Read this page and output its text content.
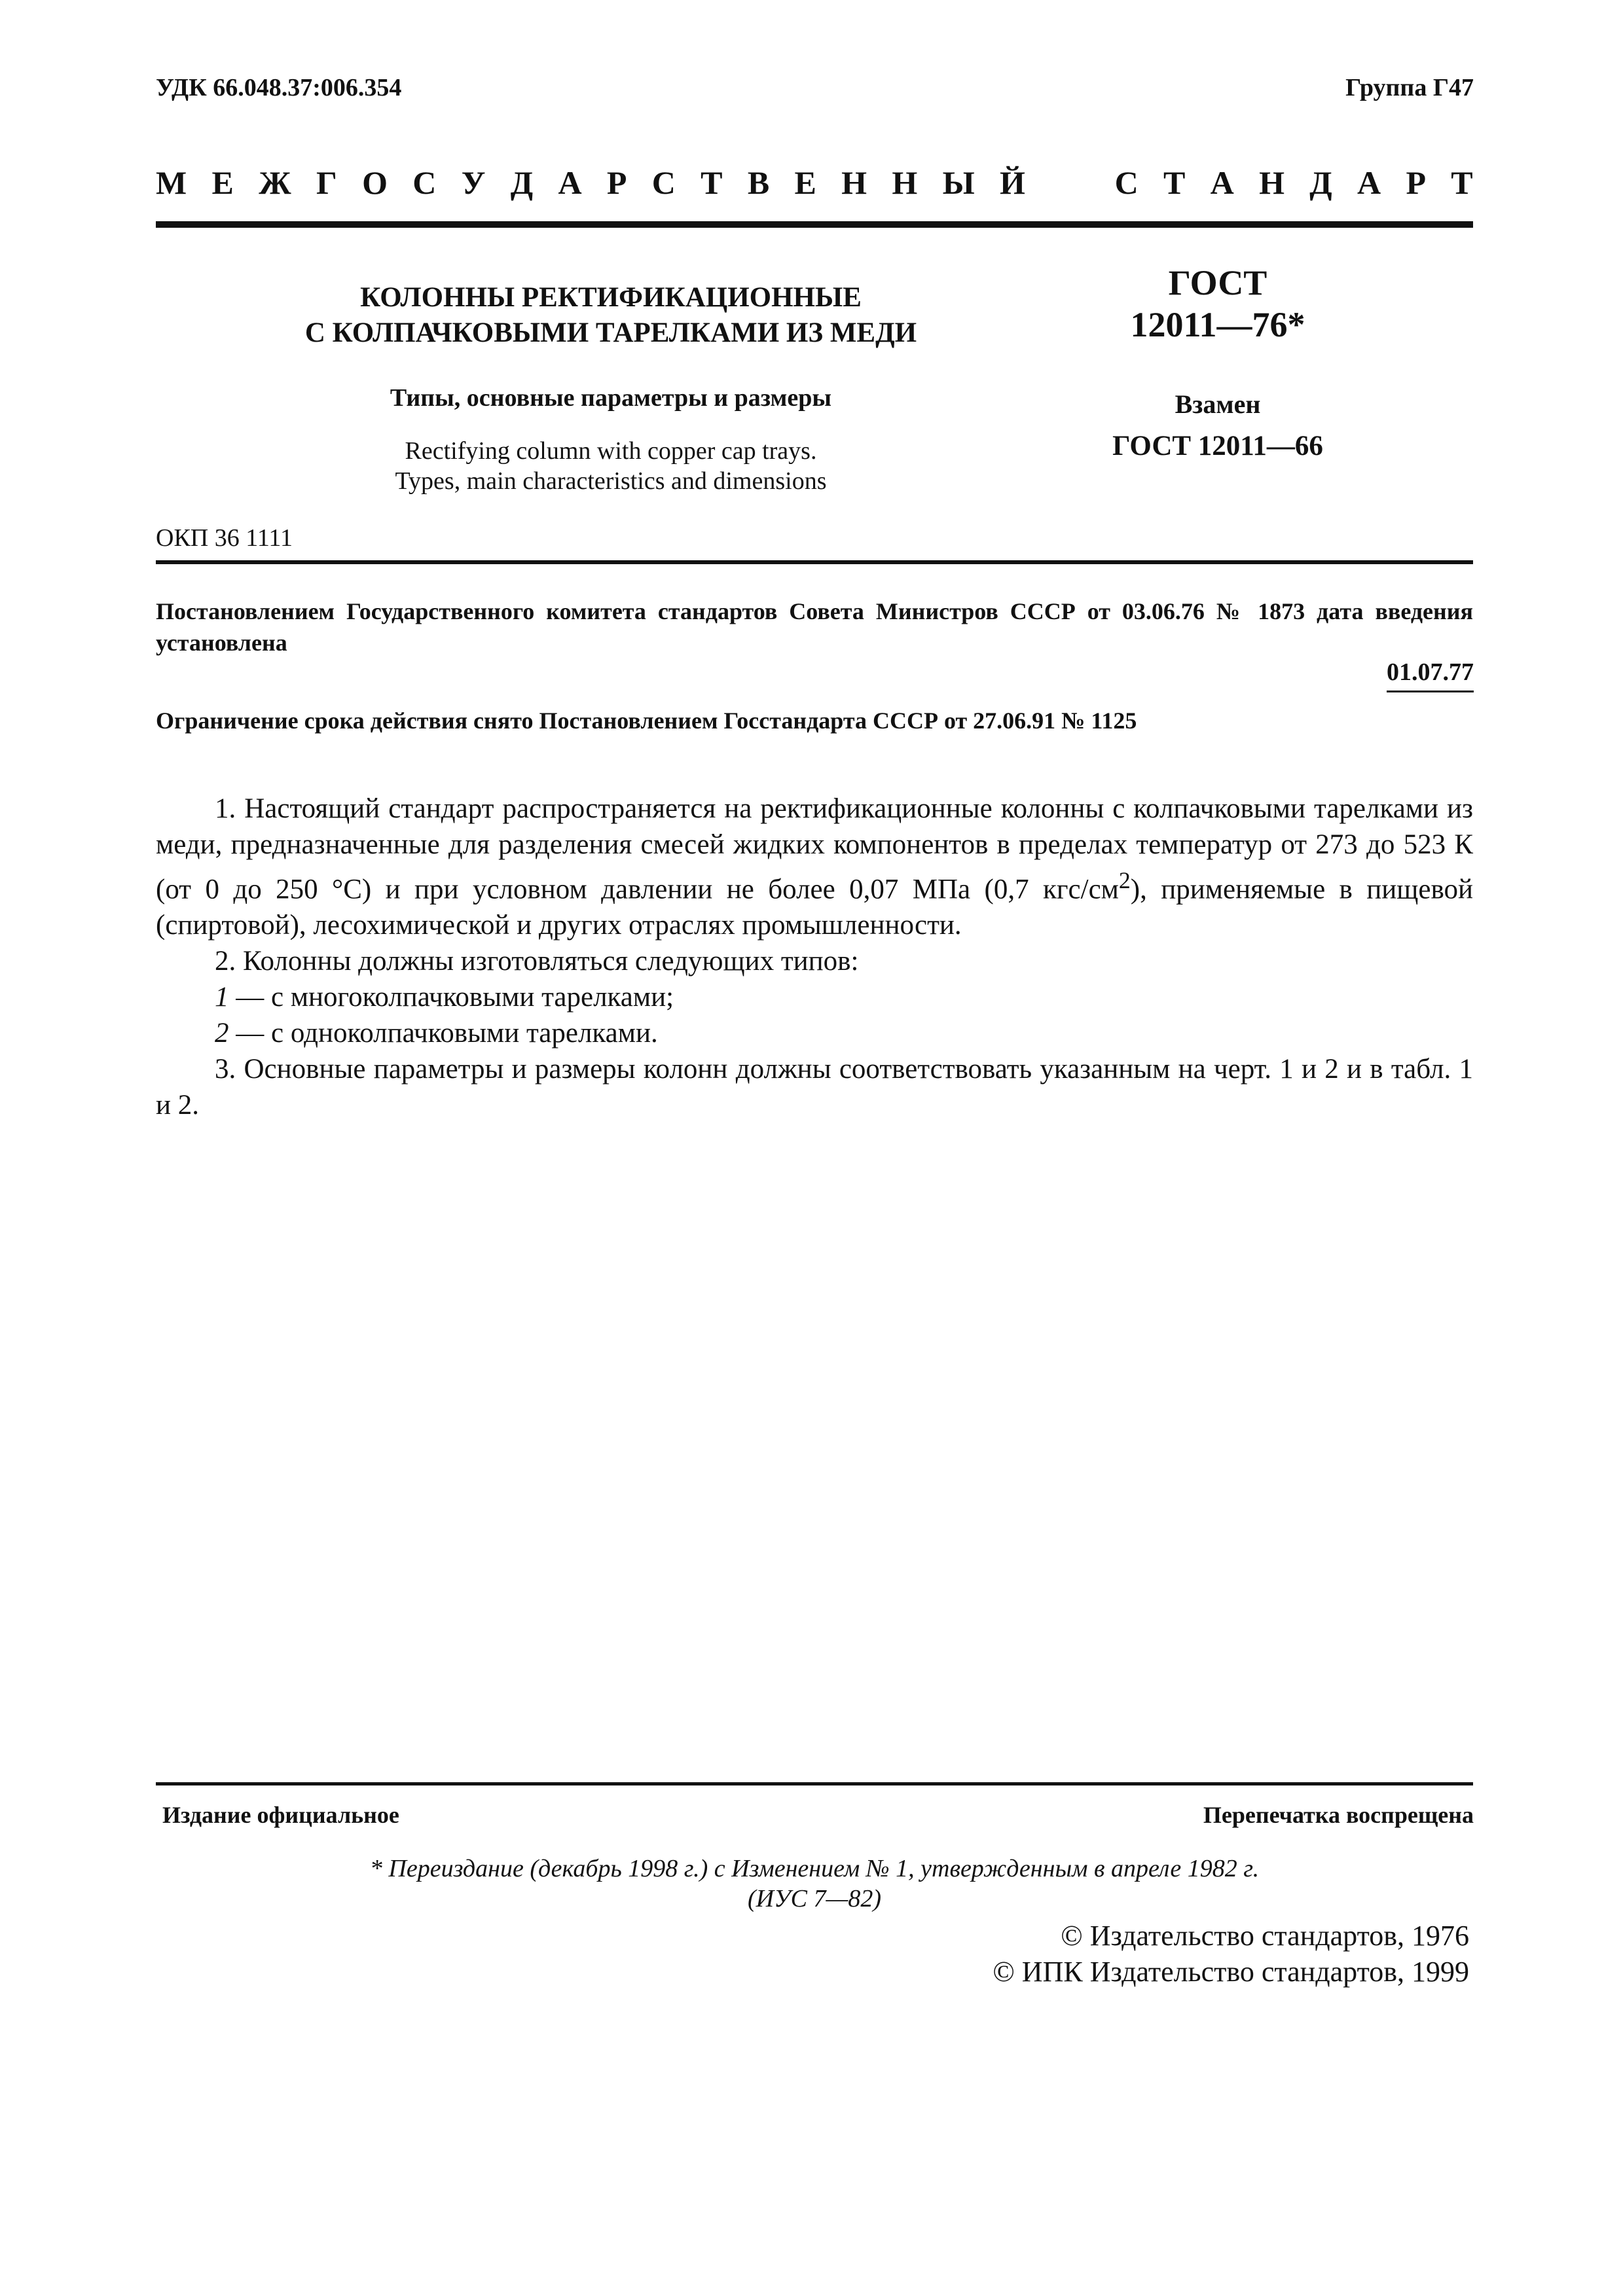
УДК 66.048.37:006.354	Группа Г47
М Е Ж Г О С У Д А Р С Т В Е Н Н Ы Й	С Т А Н Д А Р Т
КОЛОННЫ РЕКТИФИКАЦИОННЫЕ
С КОЛПАЧКОВЫМИ ТАРЕЛКАМИ ИЗ МЕДИ
Типы, основные параметры и размеры
Rectifying column with copper cap trays.
Types, main characteristics and dimensions
ГОСТ
12011—76*
Взамен
ГОСТ 12011—66
ОКП 36 1111
Постановлением Государственного комитета стандартов Совета Министров СССР от 03.06.76 № 1873 дата введения установлена
01.07.77
Ограничение срока действия снято Постановлением Госстандарта СССР от 27.06.91 № 1125

1. Настоящий стандарт распространяется на ректификационные колонны с колпачковыми тарелками из меди, предназначенные для разделения смесей жидких компонентов в пределах температур от 273 до 523 К (от 0 до 250 °С) и при условном давлении не более 0,07 МПа (0,7 кгс/$см^2$), применяемые в пищевой (спиртовой), лесохимической и других отраслях промышленности.

2. Колонны должны изготовляться следующих типов:

1 — с многоколпачковыми тарелками;

2 — с одноколпачковыми тарелками.

3. Основные параметры и размеры колонн должны соответствовать указанным на черт. 1 и 2 и в табл. 1 и 2.

Издание официальное	Перепечатка воспрещена
* Переиздание (декабрь 1998 г.) с Изменением № 1, утвержденным в апреле 1982 г.
(ИУС 7—82)
© Издательство стандартов, 1976
© ИПК Издательство стандартов, 1999
